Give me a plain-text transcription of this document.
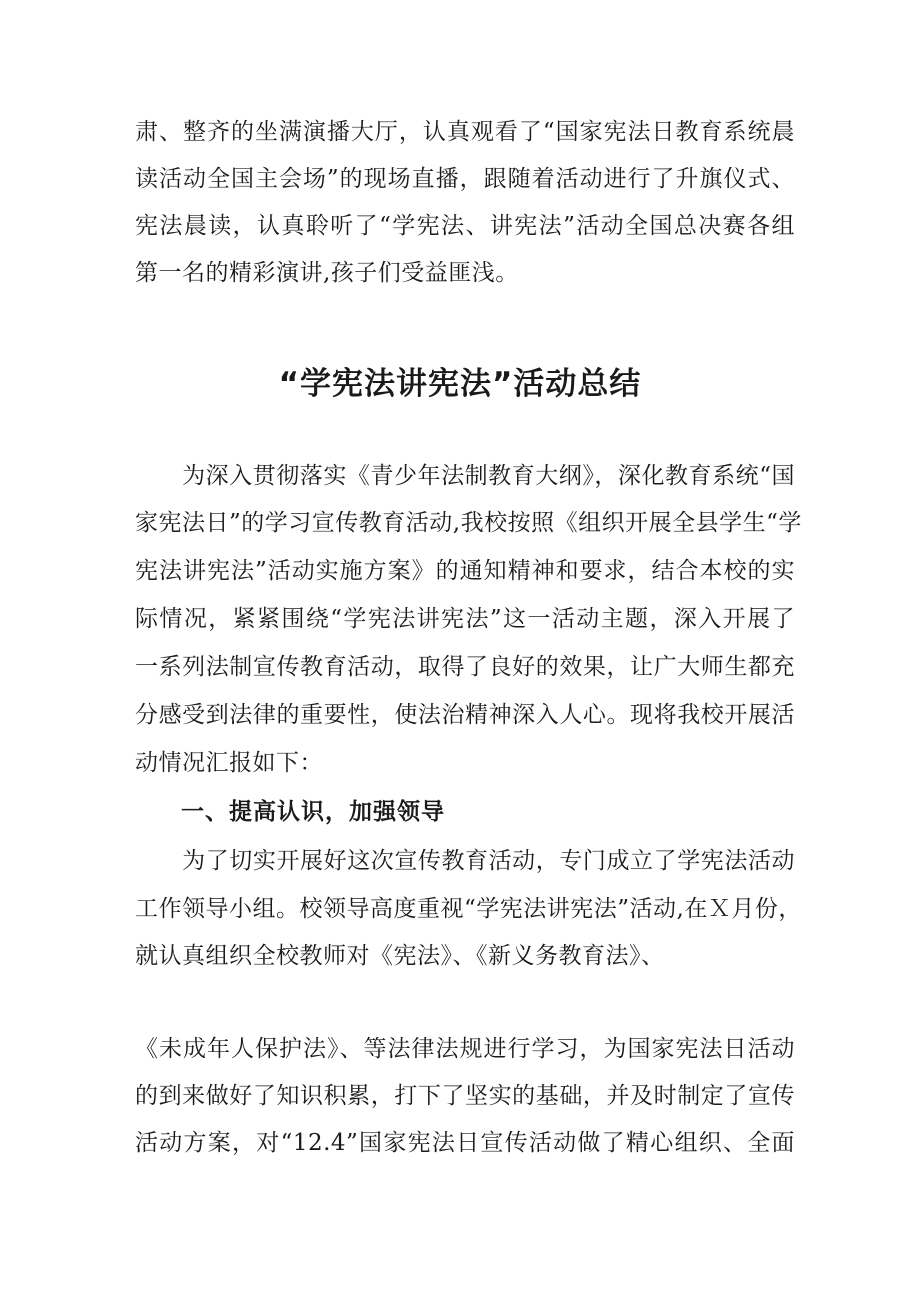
肃、整齐的坐满演播大厅，认真观看了“国家宪法日教育系统晨
读活动全国主会场”的现场直播，跟随着活动进行了升旗仪式、
宪法晨读，认真聆听了“学宪法、讲宪法”活动全国总决赛各组
第一名的精彩演讲,孩子们受益匪浅。
“学宪法讲宪法”活动总结
　　为深入贯彻落实《青少年法制教育大纲》，深化教育系统“国
家宪法日”的学习宣传教育活动,我校按照《组织开展全县学生“学
宪法讲宪法”活动实施方案》的通知精神和要求，结合本校的实
际情况，紧紧围绕“学宪法讲宪法”这一活动主题，深入开展了
一系列法制宣传教育活动，取得了良好的效果，让广大师生都充
分感受到法律的重要性，使法治精神深入人心。现将我校开展活
动情况汇报如下：
一、提高认识，加强领导
　　为了切实开展好这次宣传教育活动，专门成立了学宪法活动
工作领导小组。校领导高度重视“学宪法讲宪法”活动,在Ｘ月份，
就认真组织全校教师对《宪法》、《新义务教育法》、
《未成年人保护法》、等法律法规进行学习，为国家宪法日活动
的到来做好了知识积累，打下了坚实的基础，并及时制定了宣传
活动方案，对“12.4”国家宪法日宣传活动做了精心组织、全面
